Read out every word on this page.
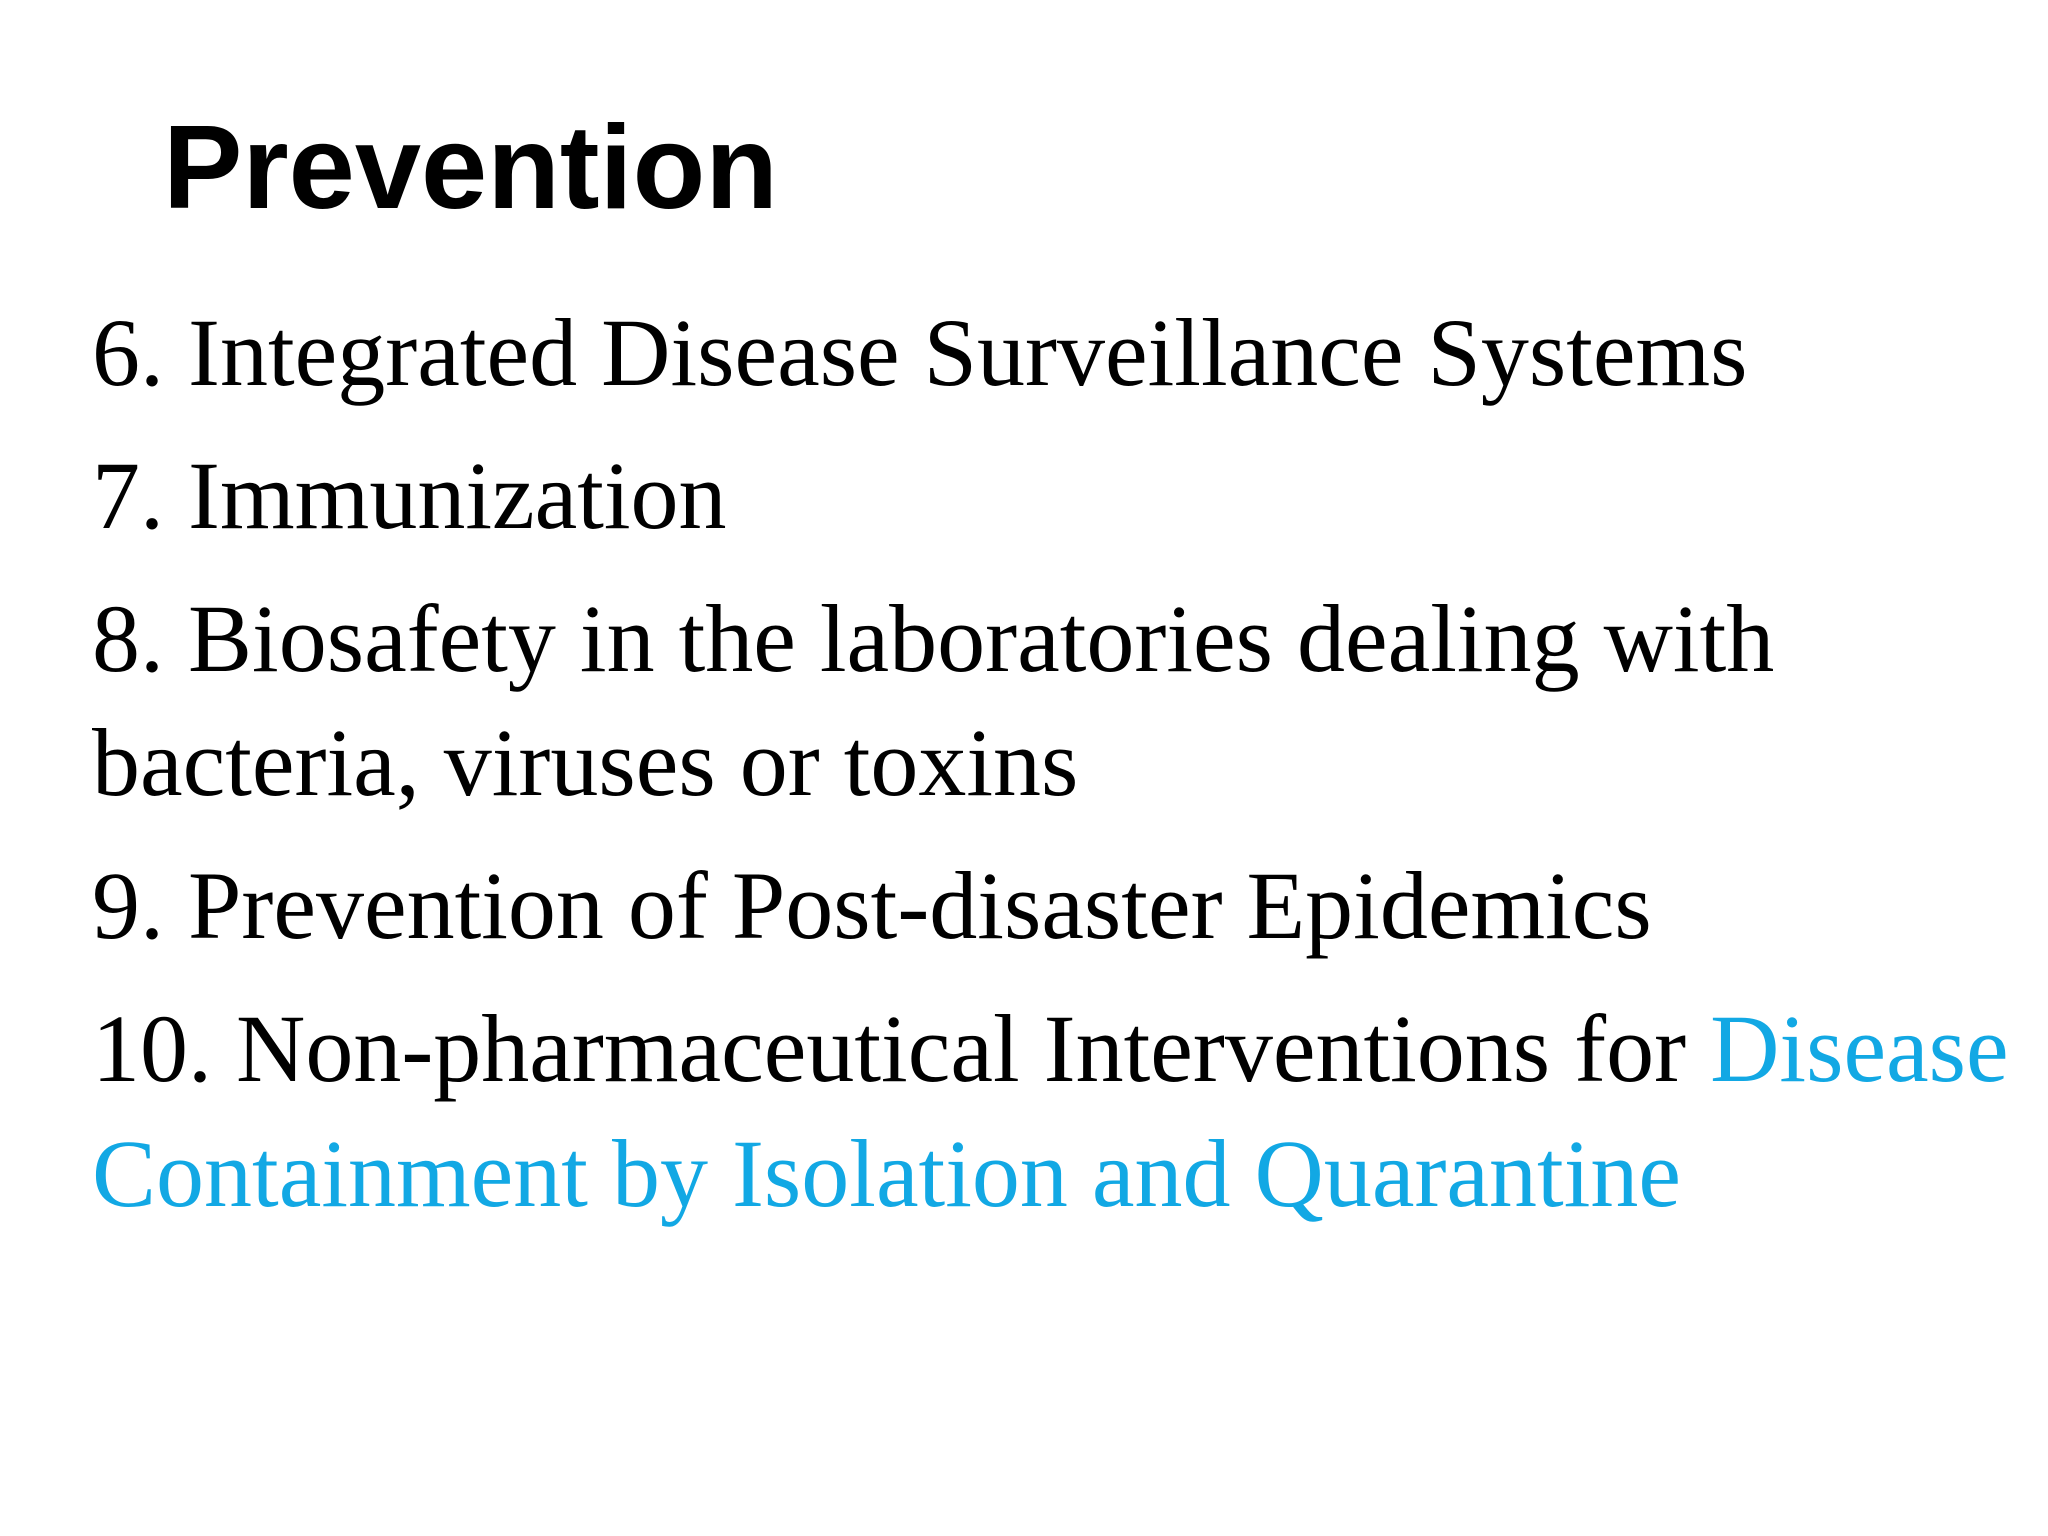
Prevention
6. Integrated Disease Surveillance Systems
7. Immunization
8. Biosafety in the laboratories dealing with bacteria, viruses or toxins
9. Prevention of Post-disaster Epidemics
10. Non-pharmaceutical Interventions for Disease Containment by Isolation and Quarantine
